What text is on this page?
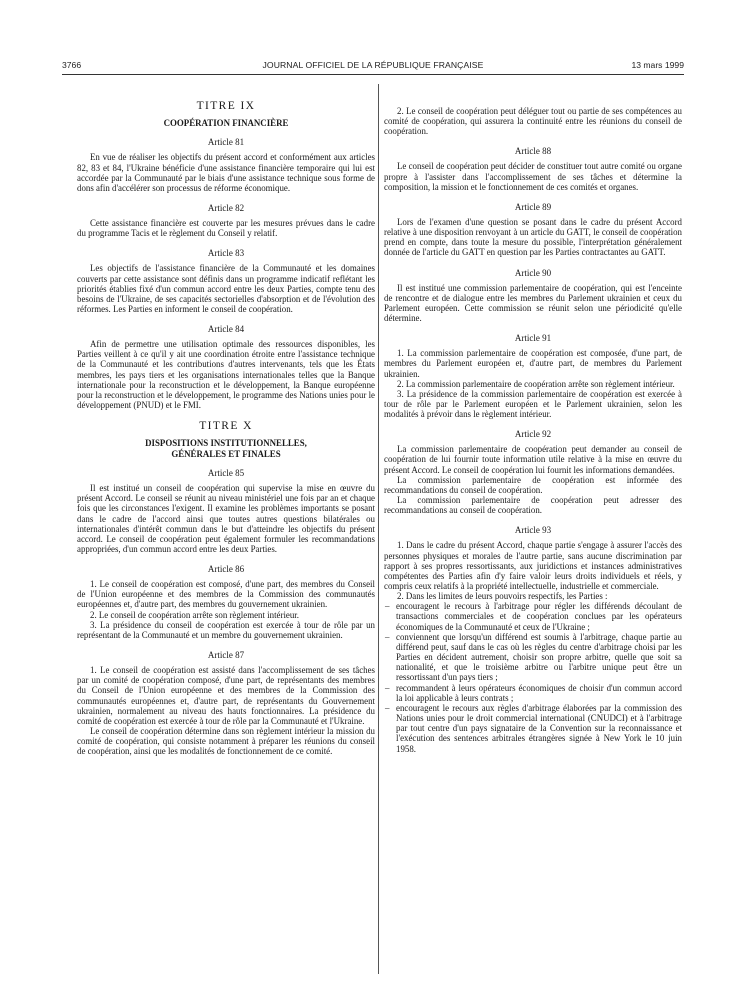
3766	JOURNAL OFFICIEL DE LA RÉPUBLIQUE FRANÇAISE	13 mars 1999
TITRE IX
COOPÉRATION FINANCIÈRE
Article 81

En vue de réaliser les objectifs du présent accord et conformément aux articles 82, 83 et 84, l'Ukraine bénéficie d'une assistance financière temporaire qui lui est accordée par la Communauté par le biais d'une assistance technique sous forme de dons afin d'accélérer son processus de réforme économique.

Article 82

Cette assistance financière est couverte par les mesures prévues dans le cadre du programme Tacis et le règlement du Conseil y relatif.

Article 83

Les objectifs de l'assistance financière de la Communauté et les domaines couverts par cette assistance sont définis dans un programme indicatif reflétant les priorités établies fixé d'un commun accord entre les deux Parties, compte tenu des besoins de l'Ukraine, de ses capacités sectorielles d'absorption et de l'évolution des réformes. Les Parties en informent le conseil de coopération.

Article 84

Afin de permettre une utilisation optimale des ressources disponibles, les Parties veillent à ce qu'il y ait une coordination étroite entre l'assistance technique de la Communauté et les contributions d'autres intervenants, tels que les États membres, les pays tiers et les organisations internationales telles que la Banque internationale pour la reconstruction et le développement, la Banque européenne pour la reconstruction et le développement, le programme des Nations unies pour le développement (PNUD) et le FMI.

TITRE X
DISPOSITIONS INSTITUTIONNELLES,
GÉNÉRALES ET FINALES
Article 85

Il est institué un conseil de coopération qui supervise la mise en œuvre du présent Accord. Le conseil se réunit au niveau ministériel une fois par an et chaque fois que les circonstances l'exigent. Il examine les problèmes importants se posant dans le cadre de l'accord ainsi que toutes autres questions bilatérales ou internationales d'intérêt commun dans le but d'atteindre les objectifs du présent accord. Le conseil de coopération peut également formuler les recommandations appropriées, d'un commun accord entre les deux Parties.

Article 86

1. Le conseil de coopération est composé, d'une part, des membres du Conseil de l'Union européenne et des membres de la Commission des communautés européennes et, d'autre part, des membres du gouvernement ukrainien.

2. Le conseil de coopération arrête son règlement intérieur.

3. La présidence du conseil de coopération est exercée à tour de rôle par un représentant de la Communauté et un membre du gouvernement ukrainien.

Article 87

1. Le conseil de coopération est assisté dans l'accomplissement de ses tâches par un comité de coopération composé, d'une part, de représentants des membres du Conseil de l'Union européenne et des membres de la Commission des communautés européennes et, d'autre part, de représentants du Gouvernement ukrainien, normalement au niveau des hauts fonctionnaires. La présidence du comité de coopération est exercée à tour de rôle par la Communauté et l'Ukraine.

Le conseil de coopération détermine dans son règlement intérieur la mission du comité de coopération, qui consiste notamment à préparer les réunions du conseil de coopération, ainsi que les modalités de fonctionnement de ce comité.

2. Le conseil de coopération peut déléguer tout ou partie de ses compétences au comité de coopération, qui assurera la continuité entre les réunions du conseil de coopération.

Article 88

Le conseil de coopération peut décider de constituer tout autre comité ou organe propre à l'assister dans l'accomplissement de ses tâches et détermine la composition, la mission et le fonctionnement de ces comités et organes.

Article 89

Lors de l'examen d'une question se posant dans le cadre du présent Accord relative à une disposition renvoyant à un article du GATT, le conseil de coopération prend en compte, dans toute la mesure du possible, l'interprétation généralement donnée de l'article du GATT en question par les Parties contractantes au GATT.

Article 90

Il est institué une commission parlementaire de coopération, qui est l'enceinte de rencontre et de dialogue entre les membres du Parlement ukrainien et ceux du Parlement européen. Cette commission se réunit selon une périodicité qu'elle détermine.

Article 91

1. La commission parlementaire de coopération est composée, d'une part, de membres du Parlement européen et, d'autre part, de membres du Parlement ukrainien.

2. La commission parlementaire de coopération arrête son règlement intérieur.

3. La présidence de la commission parlementaire de coopération est exercée à tour de rôle par le Parlement européen et le Parlement ukrainien, selon les modalités à prévoir dans le règlement intérieur.

Article 92

La commission parlementaire de coopération peut demander au conseil de coopération de lui fournir toute information utile relative à la mise en œuvre du présent Accord. Le conseil de coopération lui fournit les informations demandées.

La commission parlementaire de coopération est informée des recommandations du conseil de coopération.

La commission parlementaire de coopération peut adresser des recommandations au conseil de coopération.

Article 93

1. Dans le cadre du présent Accord, chaque partie s'engage à assurer l'accès des personnes physiques et morales de l'autre partie, sans aucune discrimination par rapport à ses propres ressortissants, aux juridictions et instances administratives compétentes des Parties afin d'y faire valoir leurs droits individuels et réels, y compris ceux relatifs à la propriété intellectuelle, industrielle et commerciale.

2. Dans les limites de leurs pouvoirs respectifs, les Parties :

– encouragent le recours à l'arbitrage pour régler les différends découlant de transactions commerciales et de coopération conclues par les opérateurs économiques de la Communauté et ceux de l'Ukraine ;
– conviennent que lorsqu'un différend est soumis à l'arbitrage, chaque partie au différend peut, sauf dans le cas où les règles du centre d'arbitrage choisi par les Parties en décident autrement, choisir son propre arbitre, quelle que soit sa nationalité, et que le troisième arbitre ou l'arbitre unique peut être un ressortissant d'un pays tiers ;
– recommandent à leurs opérateurs économiques de choisir d'un commun accord la loi applicable à leurs contrats ;
– encouragent le recours aux règles d'arbitrage élaborées par la commission des Nations unies pour le droit commercial international (CNUDCI) et à l'arbitrage par tout centre d'un pays signataire de la Convention sur la reconnaissance et l'exécution des sentences arbitrales étrangères signée à New York le 10 juin 1958.
